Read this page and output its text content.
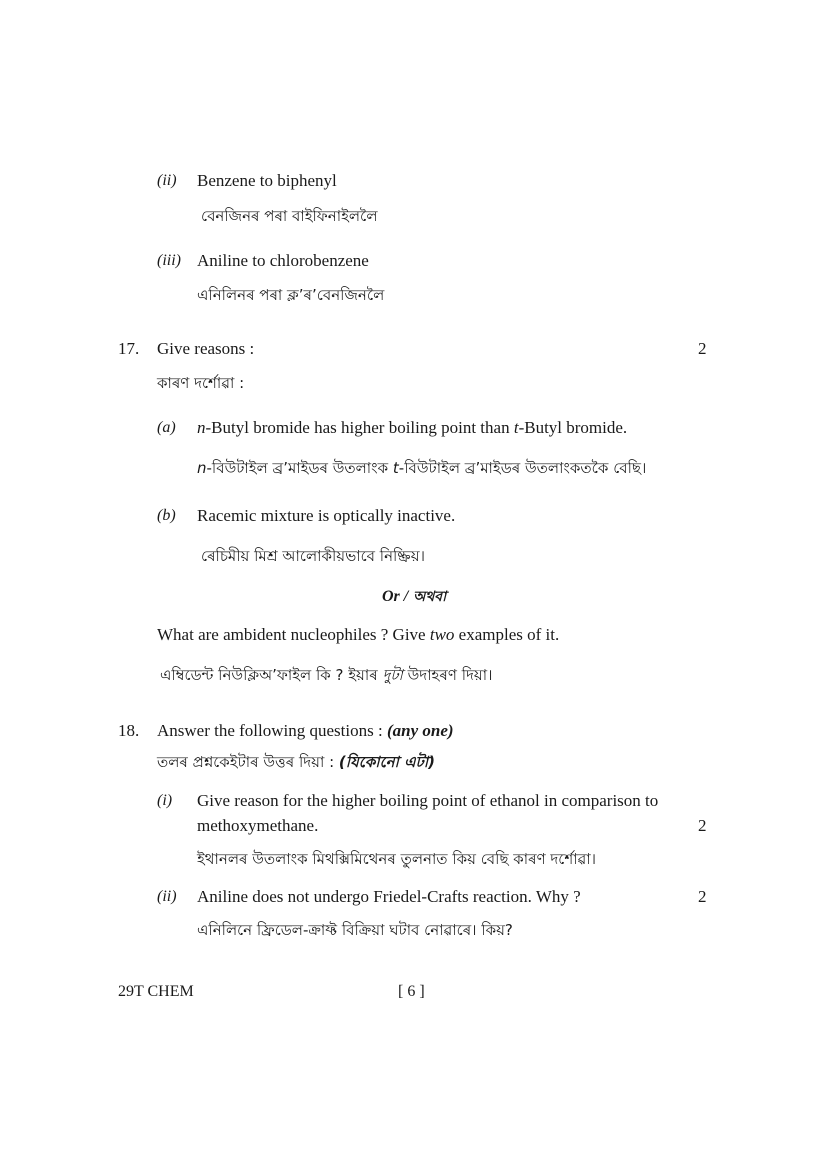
(ii) Benzene to biphenyl
বেনজিনৰ পৰা বাইফিনাইললৈ
(iii) Aniline to chlorobenzene
এনিলিনৰ পৰা ক্লʼৰʼবেনজিনলৈ
17. Give reasons :	2
কাৰণ দৰ্শোৱা :
(a) n-Butyl bromide has higher boiling point than t-Butyl bromide.
n-বিউটাইল ব্ৰʼমাইডৰ উতলাংক t-বিউটাইল ব্ৰʼমাইডৰ উতলাংকতকৈ বেছি।
(b) Racemic mixture is optically inactive.
ৰেচিমীয় মিশ্ৰ আলোকীয়ভাবে নিষ্ক্ৰিয়।
Or / অথবা
What are ambident nucleophiles ? Give two examples of it.
এম্বিডেন্ট নিউক্লিঅʼফাইল কি ? ইয়াৰ দুটা উদাহৰণ দিয়া।
18. Answer the following questions : (any one)
তলৰ প্ৰশ্নকেইটাৰ উত্তৰ দিয়া : (যিকোনো এটা)
(i) Give reason for the higher boiling point of ethanol in comparison to
methoxymethane.	2
ইথানলৰ উতলাংক মিথক্সিমিথেনৰ তুলনাত কিয় বেছি কাৰণ দৰ্শোৱা।
(ii) Aniline does not undergo Friedel-Crafts reaction. Why ?	2
এনিলিনে ফ্ৰিডেল-ক্ৰাফ্ট বিক্ৰিয়া ঘটাব নোৱাৰে। কিয়?
29T CHEM	[ 6 ]
